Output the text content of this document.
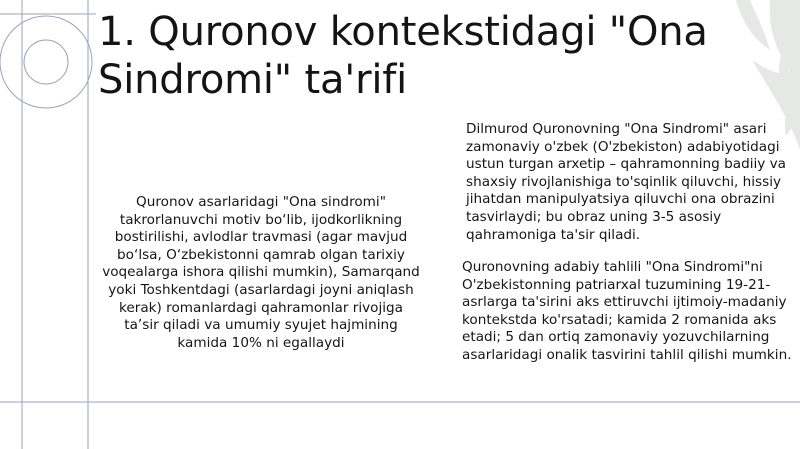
1. Quronov kontekstidagi "Ona Sindromi" ta'rifi

Quronov asarlaridagi "Ona sindromi" takrorlanuvchi motiv bo‘lib, ijodkorlikning bostirilishi, avlodlar travmasi (agar mavjud bo‘lsa, O‘zbekistonni qamrab olgan tarixiy voqealarga ishora qilishi mumkin), Samarqand yoki Toshkentdagi (asarlardagi joyni aniqlash kerak) romanlardagi qahramonlar rivojiga ta’sir qiladi va umumiy syujet hajmining kamida 10% ni egallaydi

Dilmurod Quronovning "Ona Sindromi" asari zamonaviy o'zbek (O'zbekiston) adabiyotidagi ustun turgan arxetip – qahramonning badiiy va shaxsiy rivojlanishiga to'sqinlik qiluvchi, hissiy jihatdan manipulyatsiya qiluvchi ona obrazini tasvirlaydi; bu obraz uning 3-5 asosiy qahramoniga ta'sir qiladi.

Quronovning adabiy tahlili "Ona Sindromi"ni O'zbekistonning patriarxal tuzumining 19-21-asrlarga ta'sirini aks ettiruvchi ijtimoiy-madaniy kontekstda ko'rsatadi; kamida 2 romanida aks etadi; 5 dan ortiq zamonaviy yozuvchilarning asarlaridagi onalik tasvirini tahlil qilishi mumkin.
